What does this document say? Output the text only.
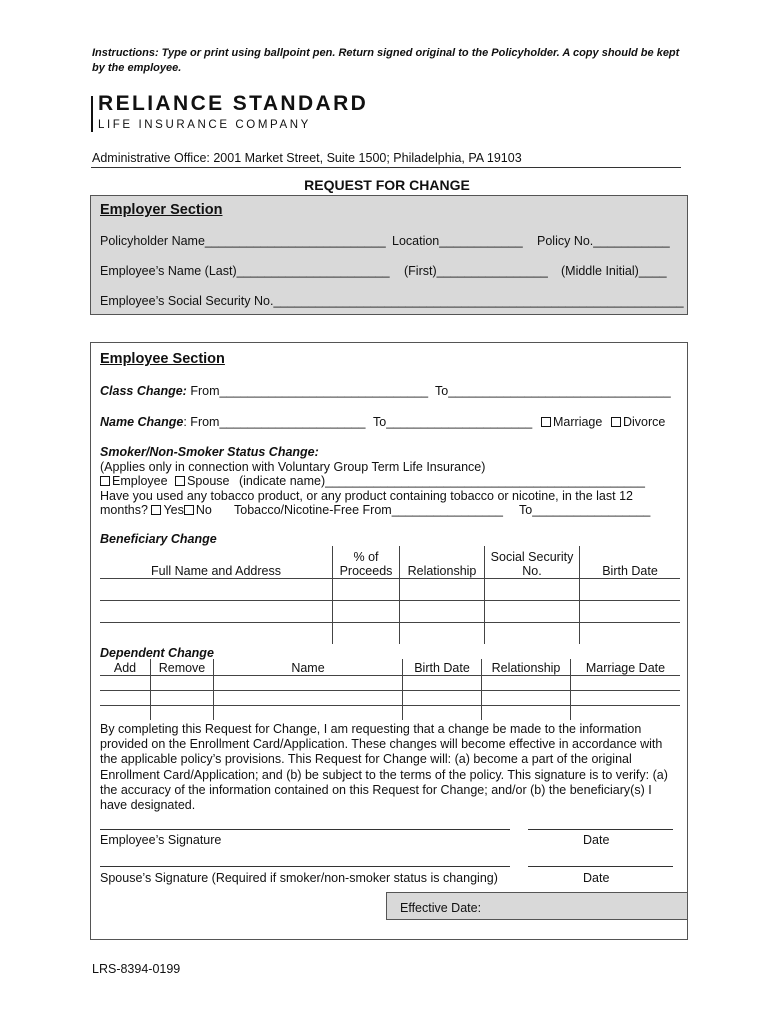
Instructions: Type or print using ballpoint pen. Return signed original to the Policyholder. A copy should be kept by the employee.
RELIANCE STANDARD
LIFE INSURANCE COMPANY
Administrative Office: 2001 Market Street, Suite 1500; Philadelphia, PA 19103
REQUEST FOR CHANGE
Employer Section
Policyholder Name__________________________ Location____________ Policy No.___________
Employee’s Name (Last)______________________ (First)________________ (Middle Initial)____
Employee’s Social Security No.___________________________________________________________
Employee Section
Class Change: From______________________________ To________________________________
Name Change: From_____________________ To_____________________	Marriage	Divorce
Smoker/Non-Smoker Status Change:
(Applies only in connection with Voluntary Group Term Life Insurance)
Employee Spouse (indicate name)______________________________________________
Have you used any tobacco product, or any product containing tobacco or nicotine, in the last 12
months? Yes No Tobacco/Nicotine-Free From________________ To_________________
Beneficiary Change
Full Name and Address	% of Proceeds	Relationship	Social Security No.	Birth Date

Dependent Change
Add	Remove	Name	Birth Date	Relationship	Marriage Date

By completing this Request for Change, I am requesting that a change be made to the information provided on the Enrollment Card/Application. These changes will become effective in accordance with the applicable policy’s provisions. This Request for Change will: (a) become a part of the original Enrollment Card/Application; and (b) be subject to the terms of the policy. This signature is to verify: (a) the accuracy of the information contained on this Request for Change; and/or (b) the beneficiary(s) I have designated.
Employee’s Signature	Date
Spouse’s Signature (Required if smoker/non-smoker status is changing)	Date
Effective Date:
LRS-8394-0199
